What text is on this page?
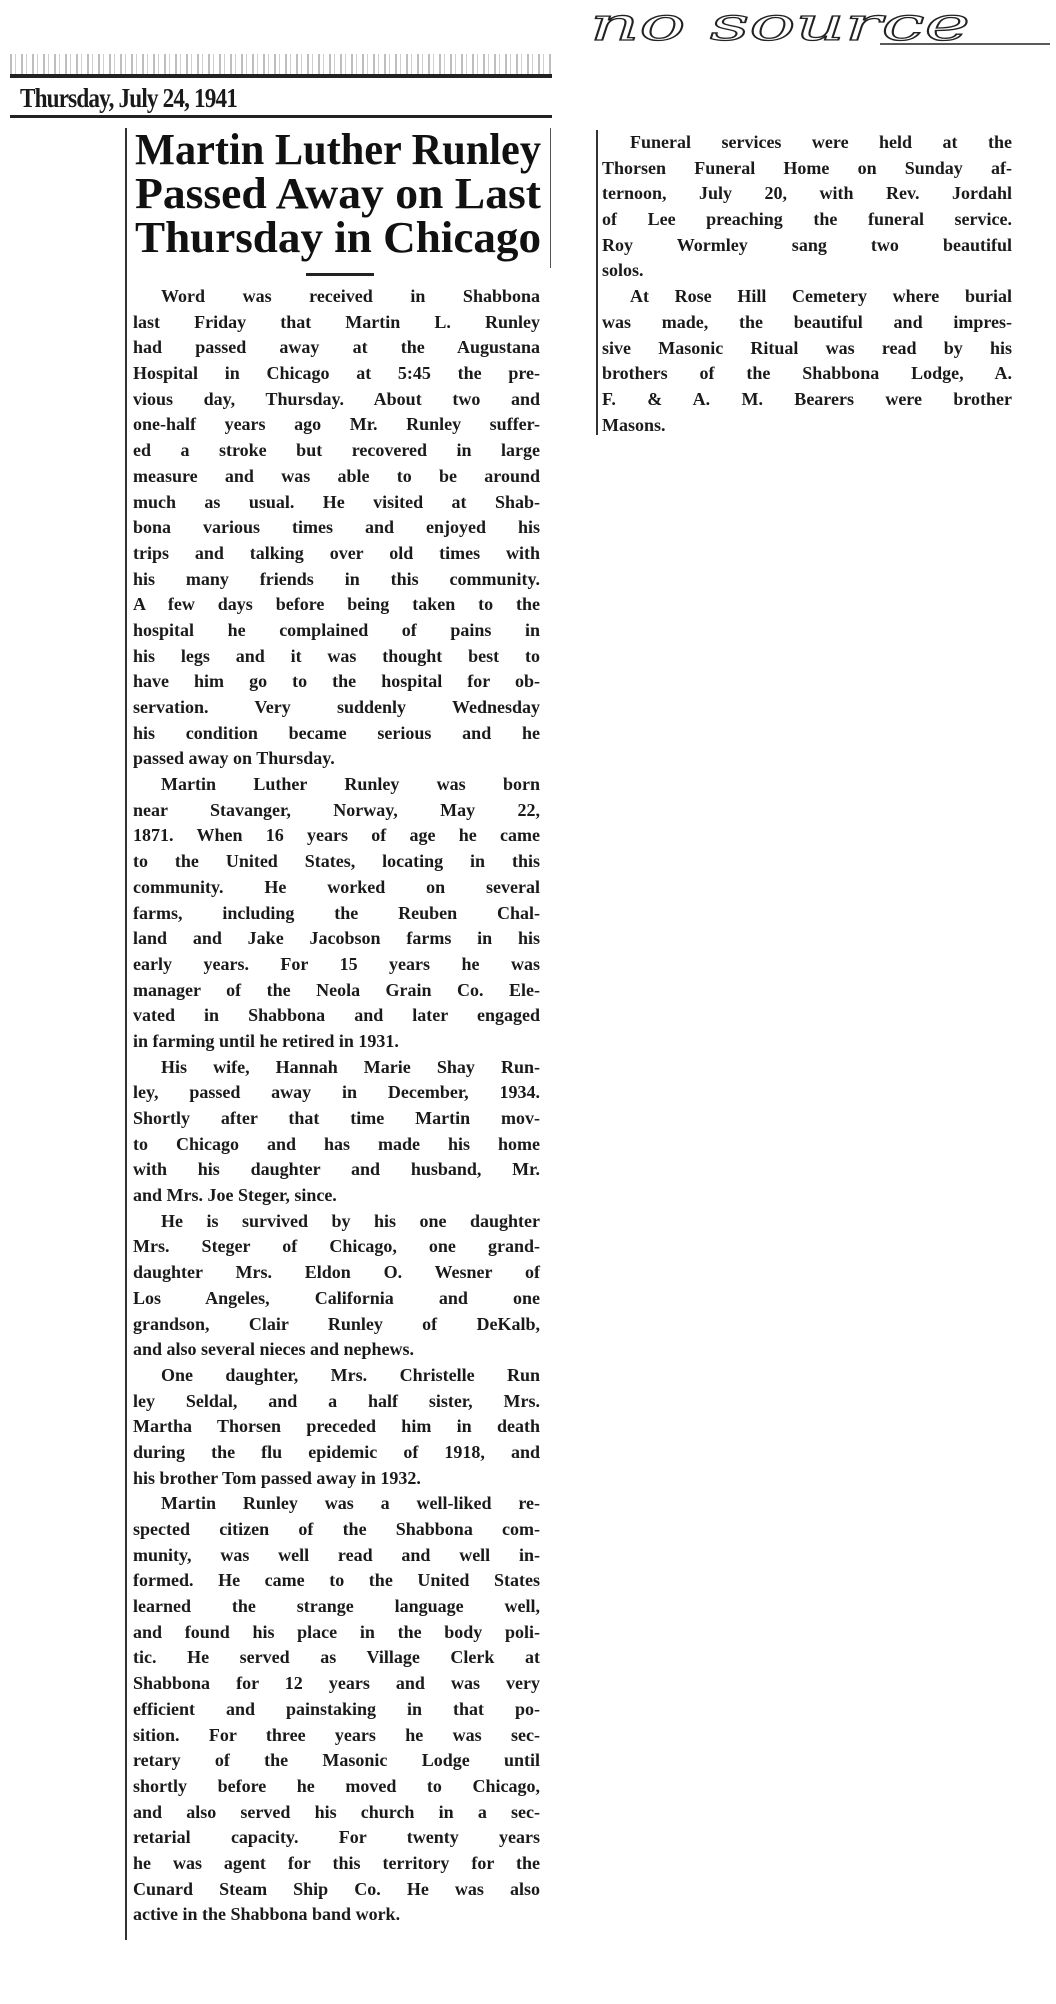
no source
Thursday, July 24, 1941
Martin Luther Runley
Passed Away on Last
Thursday in Chicago
Word was received in Shabbona
last Friday that Martin L. Runley
had passed away at the Augustana
Hospital in Chicago at 5:45 the pre-
vious day, Thursday. About two and
one-half years ago Mr. Runley suffer-
ed a stroke but recovered in large
measure and was able to be around
much as usual. He visited at Shab-
bona various times and enjoyed his
trips and talking over old times with
his many friends in this community.
A few days before being taken to the
hospital he complained of pains in
his legs and it was thought best to
have him go to the hospital for ob-
servation. Very suddenly Wednesday
his condition became serious and he
passed away on Thursday.
Martin Luther Runley was born
near Stavanger, Norway, May 22,
1871. When 16 years of age he came
to the United States, locating in this
community. He worked on several
farms, including the Reuben Chal-
land and Jake Jacobson farms in his
early years. For 15 years he was
manager of the Neola Grain Co. Ele-
vated in Shabbona and later engaged
in farming until he retired in 1931.
His wife, Hannah Marie Shay Run-
ley, passed away in December, 1934.
Shortly after that time Martin mov-
to Chicago and has made his home
with his daughter and husband, Mr.
and Mrs. Joe Steger, since.
He is survived by his one daughter
Mrs. Steger of Chicago, one grand-
daughter Mrs. Eldon O. Wesner of
Los Angeles, California and one
grandson, Clair Runley of DeKalb,
and also several nieces and nephews.
One daughter, Mrs. Christelle Run
ley Seldal, and a half sister, Mrs.
Martha Thorsen preceded him in death
during the flu epidemic of 1918, and
his brother Tom passed away in 1932.
Martin Runley was a well-liked re-
spected citizen of the Shabbona com-
munity, was well read and well in-
formed. He came to the United States
learned the strange language well,
and found his place in the body poli-
tic. He served as Village Clerk at
Shabbona for 12 years and was very
efficient and painstaking in that po-
sition. For three years he was sec-
retary of the Masonic Lodge until
shortly before he moved to Chicago,
and also served his church in a sec-
retarial capacity. For twenty years
he was agent for this territory for the
Cunard Steam Ship Co. He was also
active in the Shabbona band work.
Funeral services were held at the
Thorsen Funeral Home on Sunday af-
ternoon, July 20, with Rev. Jordahl
of Lee preaching the funeral service.
Roy Wormley sang two beautiful
solos.
At Rose Hill Cemetery where burial
was made, the beautiful and impres-
sive Masonic Ritual was read by his
brothers of the Shabbona Lodge, A.
F. & A. M. Bearers were brother
Masons.
